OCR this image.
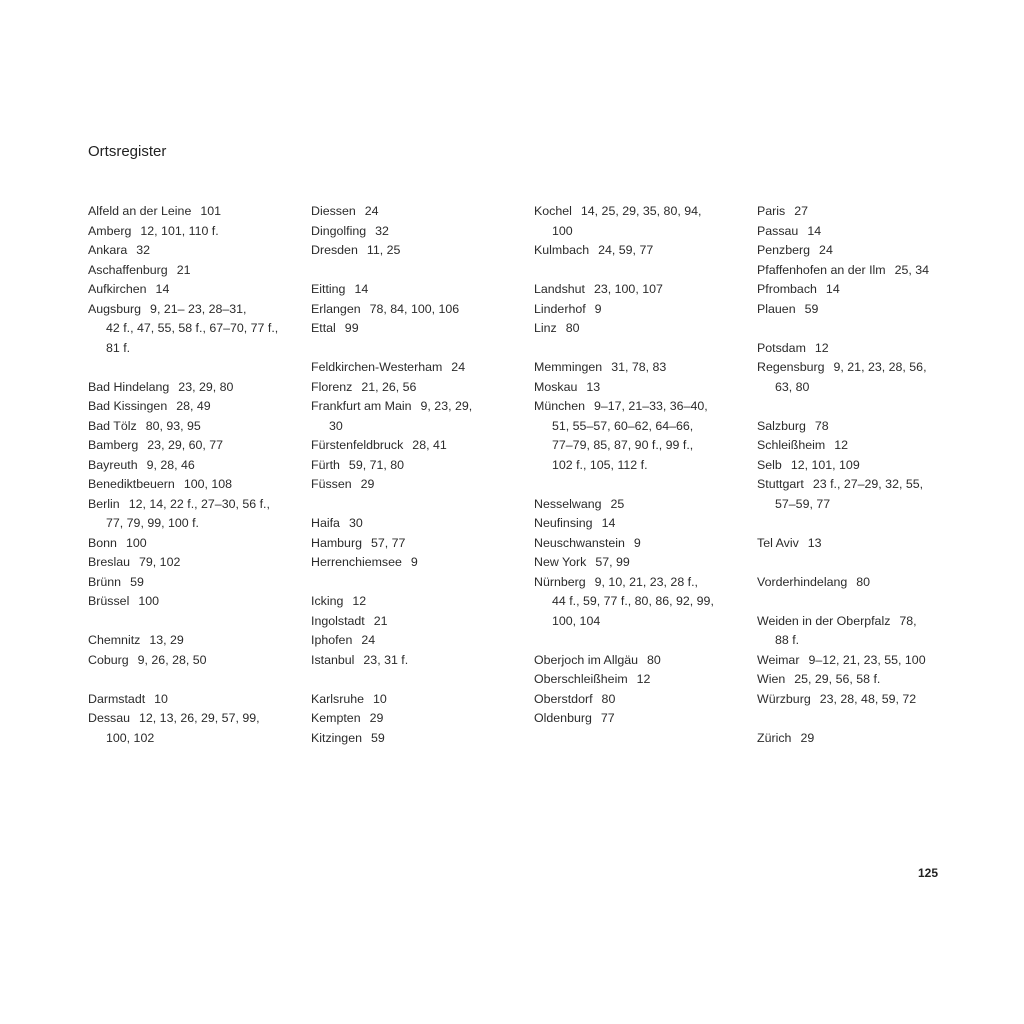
Ortsregister
Alfeld an der Leine 101
Amberg 12, 101, 110 f.
Ankara 32
Aschaffenburg 21
Aufkirchen 14
Augsburg 9, 21– 23, 28–31,
42 f., 47, 55, 58 f., 67–70, 77 f.,
81 f.
Bad Hindelang 23, 29, 80
Bad Kissingen 28, 49
Bad Tölz 80, 93, 95
Bamberg 23, 29, 60, 77
Bayreuth 9, 28, 46
Benediktbeuern 100, 108
Berlin 12, 14, 22 f., 27–30, 56 f.,
77, 79, 99, 100 f.
Bonn 100
Breslau 79, 102
Brünn 59
Brüssel 100
Chemnitz 13, 29
Coburg 9, 26, 28, 50
Darmstadt 10
Dessau 12, 13, 26, 29, 57, 99,
100, 102
Diessen 24
Dingolfing 32
Dresden 11, 25
Eitting 14
Erlangen 78, 84, 100, 106
Ettal 99
Feldkirchen-Westerham 24
Florenz 21, 26, 56
Frankfurt am Main 9, 23, 29,
30
Fürstenfeldbruck 28, 41
Fürth 59, 71, 80
Füssen 29
Haifa 30
Hamburg 57, 77
Herrenchiemsee 9
Icking 12
Ingolstadt 21
Iphofen 24
Istanbul 23, 31 f.
Karlsruhe 10
Kempten 29
Kitzingen 59
Kochel 14, 25, 29, 35, 80, 94,
100
Kulmbach 24, 59, 77
Landshut 23, 100, 107
Linderhof 9
Linz 80
Memmingen 31, 78, 83
Moskau 13
München 9–17, 21–33, 36–40,
51, 55–57, 60–62, 64–66,
77–79, 85, 87, 90 f., 99 f.,
102 f., 105, 112 f.
Nesselwang 25
Neufinsing 14
Neuschwanstein 9
New York 57, 99
Nürnberg 9, 10, 21, 23, 28 f.,
44 f., 59, 77 f., 80, 86, 92, 99,
100, 104
Oberjoch im Allgäu 80
Oberschleißheim 12
Oberstdorf 80
Oldenburg 77
Paris 27
Passau 14
Penzberg 24
Pfaffenhofen an der Ilm 25, 34
Pfrombach 14
Plauen 59
Potsdam 12
Regensburg 9, 21, 23, 28, 56,
63, 80
Salzburg 78
Schleißheim 12
Selb 12, 101, 109
Stuttgart 23 f., 27–29, 32, 55,
57–59, 77
Tel Aviv 13
Vorderhindelang 80
Weiden in der Oberpfalz 78,
88 f.
Weimar 9–12, 21, 23, 55, 100
Wien 25, 29, 56, 58 f.
Würzburg 23, 28, 48, 59, 72
Zürich 29
125
